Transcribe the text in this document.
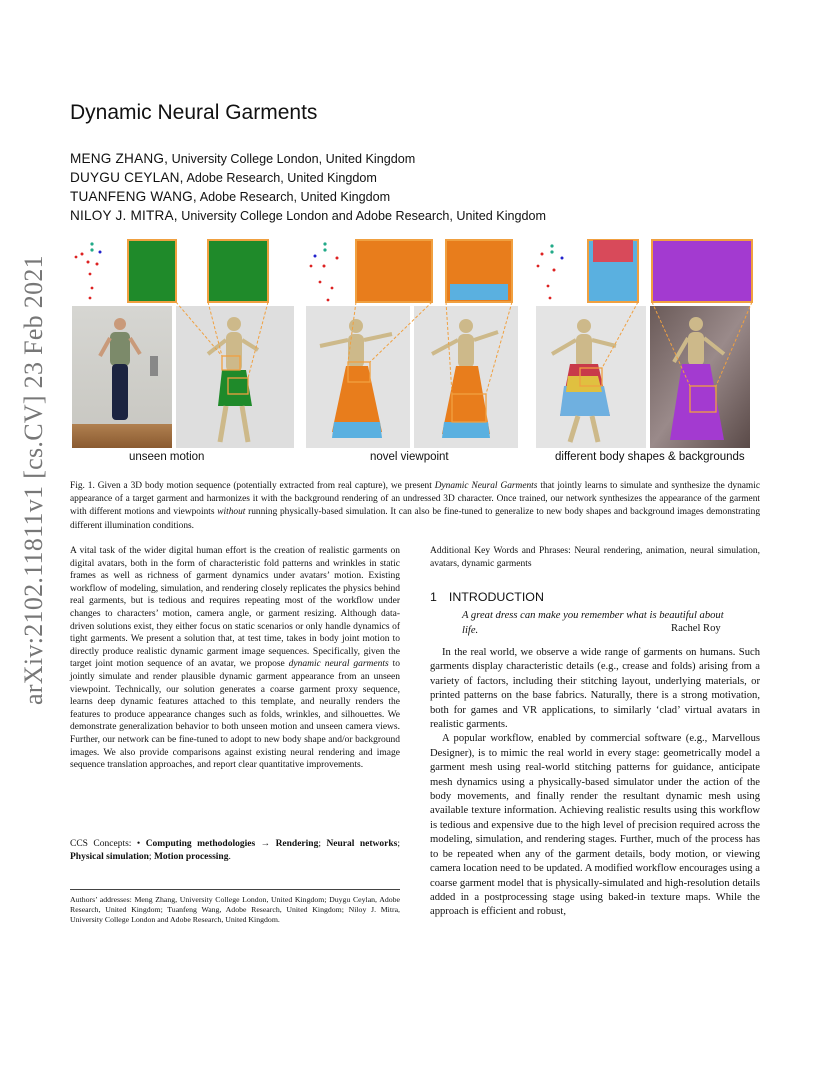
arXiv:2102.11811v1 [cs.CV] 23 Feb 2021
Dynamic Neural Garments
MENG ZHANG, University College London, United Kingdom
DUYGU CEYLAN, Adobe Research, United Kingdom
TUANFENG WANG, Adobe Research, United Kingdom
NILOY J. MITRA, University College London and Adobe Research, United Kingdom
unseen motion	novel viewpoint	different body shapes & backgrounds

Fig. 1. Given a 3D body motion sequence (potentially extracted from real capture), we present Dynamic Neural Garments that jointly learns to simulate and synthesize the dynamic appearance of a target garment and harmonizes it with the background rendering of an undressed 3D character. Once trained, our network synthesizes the appearance of the garment with different motions and viewpoints without running physically-based simulation. It can also be fine-tuned to generalize to new body shapes and background images demonstrating different illumination conditions.

A vital task of the wider digital human effort is the creation of realistic garments on digital avatars, both in the form of characteristic fold patterns and wrinkles in static frames as well as richness of garment dynamics under avatars’ motion. Existing workflow of modeling, simulation, and rendering closely replicates the physics behind real garments, but is tedious and requires repeating most of the workflow under changes to characters’ motion, camera angle, or garment resizing. Although data-driven solutions exist, they either focus on static scenarios or only handle dynamics of tight garments. We present a solution that, at test time, takes in body joint motion to directly produce realistic dynamic garment image sequences. Specifically, given the target joint motion sequence of an avatar, we propose dynamic neural garments to jointly simulate and render plausible dynamic garment appearance from an unseen viewpoint. Technically, our solution generates a coarse garment proxy sequence, learns deep dynamic features attached to this template, and neurally renders the features to produce appearance changes such as folds, wrinkles, and silhouettes. We demonstrate generalization behavior to both unseen motion and unseen camera views. Further, our network can be fine-tuned to adopt to new body shape and/or background images. We also provide comparisons against existing neural rendering and image sequence translation approaches, and report clear quantitative improvements.

CCS Concepts: • Computing methodologies → Rendering; Neural networks; Physical simulation; Motion processing.

Authors’ addresses: Meng Zhang, University College London, United Kingdom; Duygu Ceylan, Adobe Research, United Kingdom; Tuanfeng Wang, Adobe Research, United Kingdom; Niloy J. Mitra, University College London and Adobe Research, United Kingdom.

Additional Key Words and Phrases: Neural rendering, animation, neural simulation, avatars, dynamic garments

1 INTRODUCTION
A great dress can make you remember what is beautiful about life.	Rachel Roy

In the real world, we observe a wide range of garments on humans. Such garments display characteristic details (e.g., crease and folds) arising from a variety of factors, including their stitching layout, underlying materials, or printed patterns on the base fabrics. Naturally, there is a strong motivation, both for games and VR applications, to similarly ‘clad’ virtual avatars in realistic garments.

A popular workflow, enabled by commercial software (e.g., Marvellous Designer), is to mimic the real world in every stage: geometrically model a garment mesh using real-world stitching patterns for guidance, anticipate mesh dynamics using a physically-based simulator under the action of the body movements, and finally render the resultant dynamic mesh using available texture information. Achieving realistic results using this workflow is tedious and expensive due to the high level of precision required across the modeling, simulation, and rendering stages. Further, much of the process has to be repeated when any of the garment details, body motion, or viewing camera location need to be updated. A modified workflow encourages using a coarse garment model that is physically-simulated and high-resolution details added in a postprocessing stage using baked-in texture maps. While the approach is efficient and robust,
